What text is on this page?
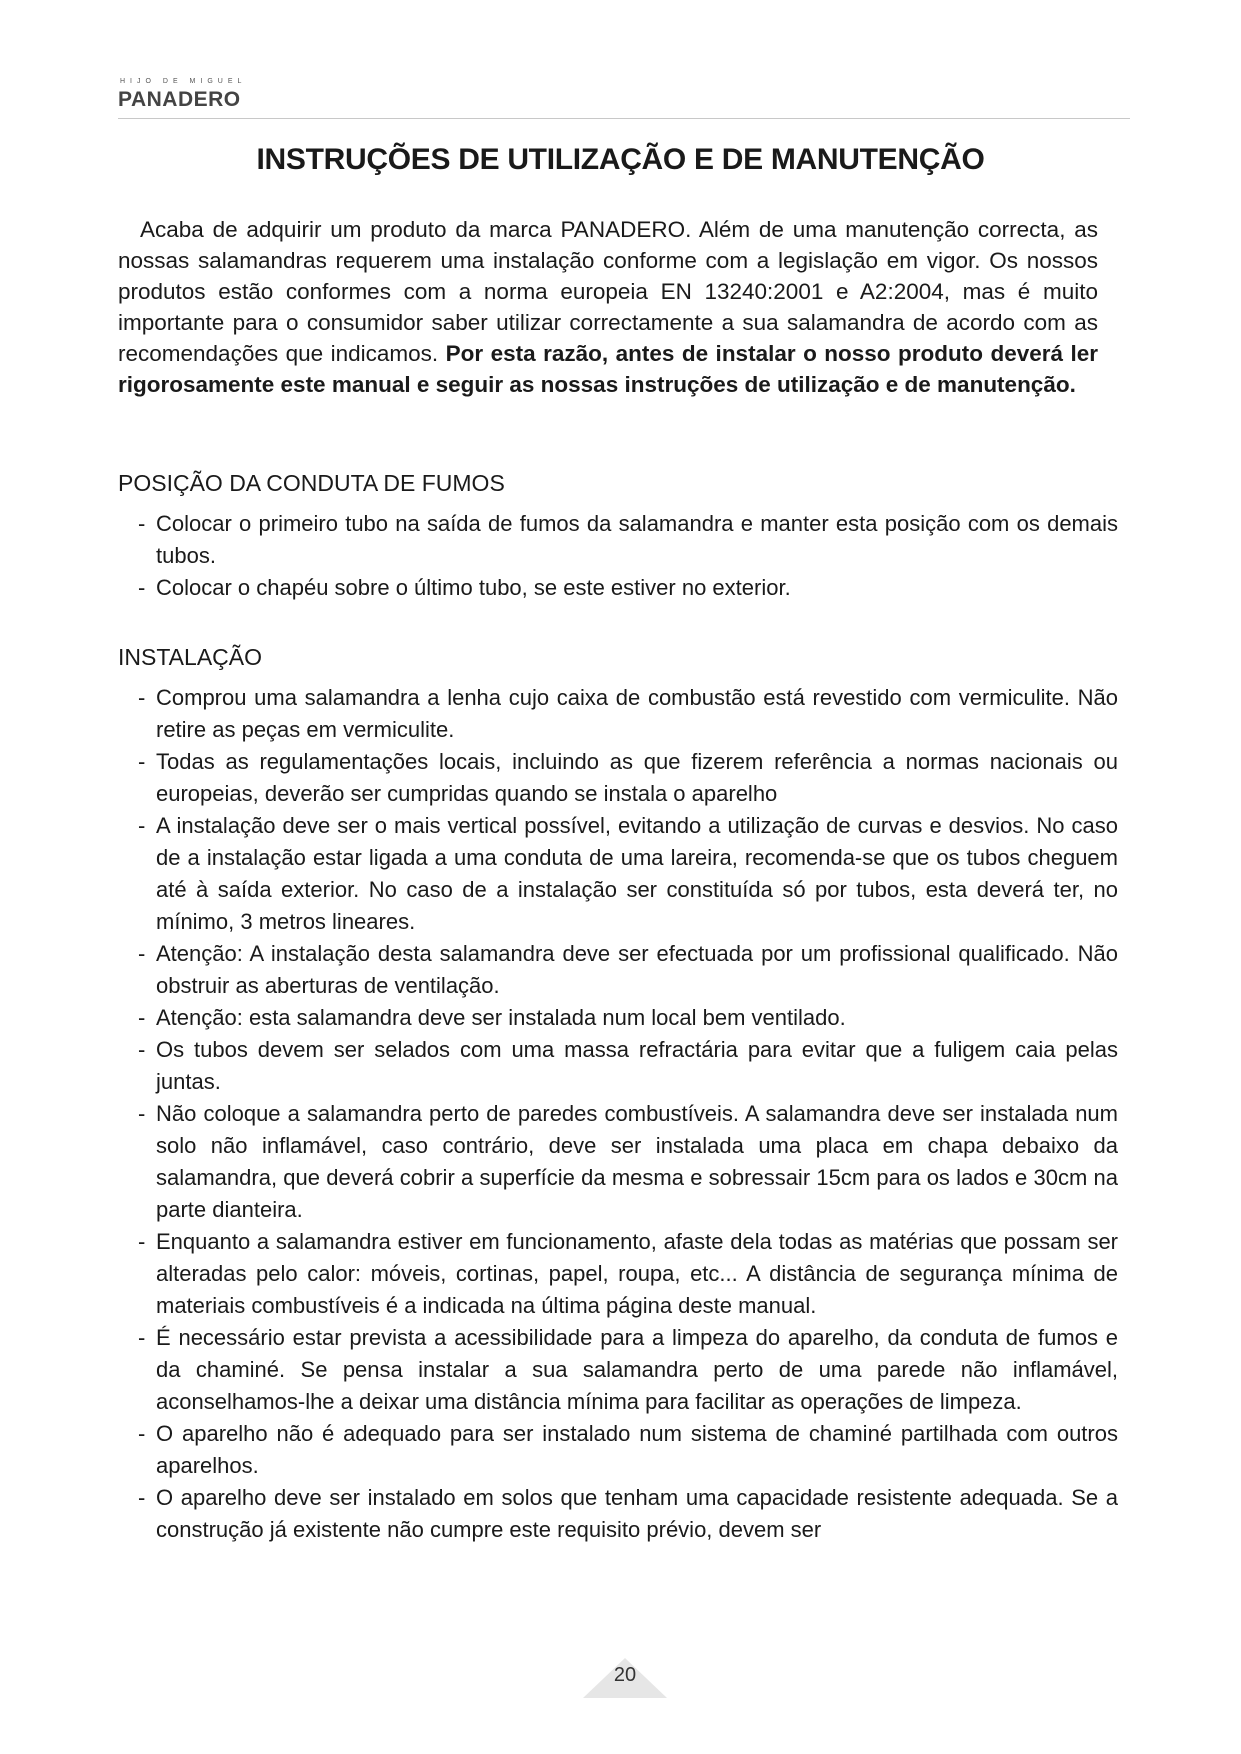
HIJO DE MIGUEL
PANADERO
INSTRUÇÕES DE UTILIZAÇÃO E DE MANUTENÇÃO

Acaba de adquirir um produto da marca PANADERO. Além de uma manutenção correcta, as nossas salamandras requerem uma instalação conforme com a legislação em vigor. Os nossos produtos estão conformes com a norma europeia EN 13240:2001 e A2:2004, mas é muito importante para o consumidor saber utilizar correctamente a sua salamandra de acordo com as recomendações que indicamos. Por esta razão, antes de instalar o nosso produto deverá ler rigorosamente este manual e seguir as nossas instruções de utilização e de manutenção.

POSIÇÃO DA CONDUTA DE FUMOS
- Colocar o primeiro tubo na saída de fumos da salamandra e manter esta posição com os demais tubos.
- Colocar o chapéu sobre o último tubo, se este estiver no exterior.
INSTALAÇÃO
- Comprou uma salamandra a lenha cujo caixa de combustão está revestido com vermiculite. Não retire as peças em vermiculite.
- Todas as regulamentações locais, incluindo as que fizerem referência a normas nacionais ou europeias, deverão ser cumpridas quando se instala o aparelho
- A instalação deve ser o mais vertical possível, evitando a utilização de curvas e desvios. No caso de a instalação estar ligada a uma conduta de uma lareira, recomenda-se que os tubos cheguem até à saída exterior. No caso de a instalação ser constituída só por tubos, esta deverá ter, no mínimo, 3 metros lineares.
- Atenção: A instalação desta salamandra deve ser efectuada por um profissional qualificado. Não obstruir as aberturas de ventilação.
- Atenção: esta salamandra deve ser instalada num local bem ventilado.
- Os tubos devem ser selados com uma massa refractária para evitar que a fuligem caia pelas juntas.
- Não coloque a salamandra perto de paredes combustíveis. A salamandra deve ser instalada num solo não inflamável, caso contrário, deve ser instalada uma placa em chapa debaixo da salamandra, que deverá cobrir a superfície da mesma e sobressair 15cm para os lados e 30cm na parte dianteira.
- Enquanto a salamandra estiver em funcionamento, afaste dela todas as matérias que possam ser alteradas pelo calor: móveis, cortinas, papel, roupa, etc... A distância de segurança mínima de materiais combustíveis é a indicada na última página deste manual.
- É necessário estar prevista a acessibilidade para a limpeza do aparelho, da conduta de fumos e da chaminé. Se pensa instalar a sua salamandra perto de uma parede não inflamável, aconselhamos-lhe a deixar uma distância mínima para facilitar as operações de limpeza.
- O aparelho não é adequado para ser instalado num sistema de chaminé partilhada com outros aparelhos.
- O aparelho deve ser instalado em solos que tenham uma capacidade resistente adequada. Se a construção já existente não cumpre este requisito prévio, devem ser
20
